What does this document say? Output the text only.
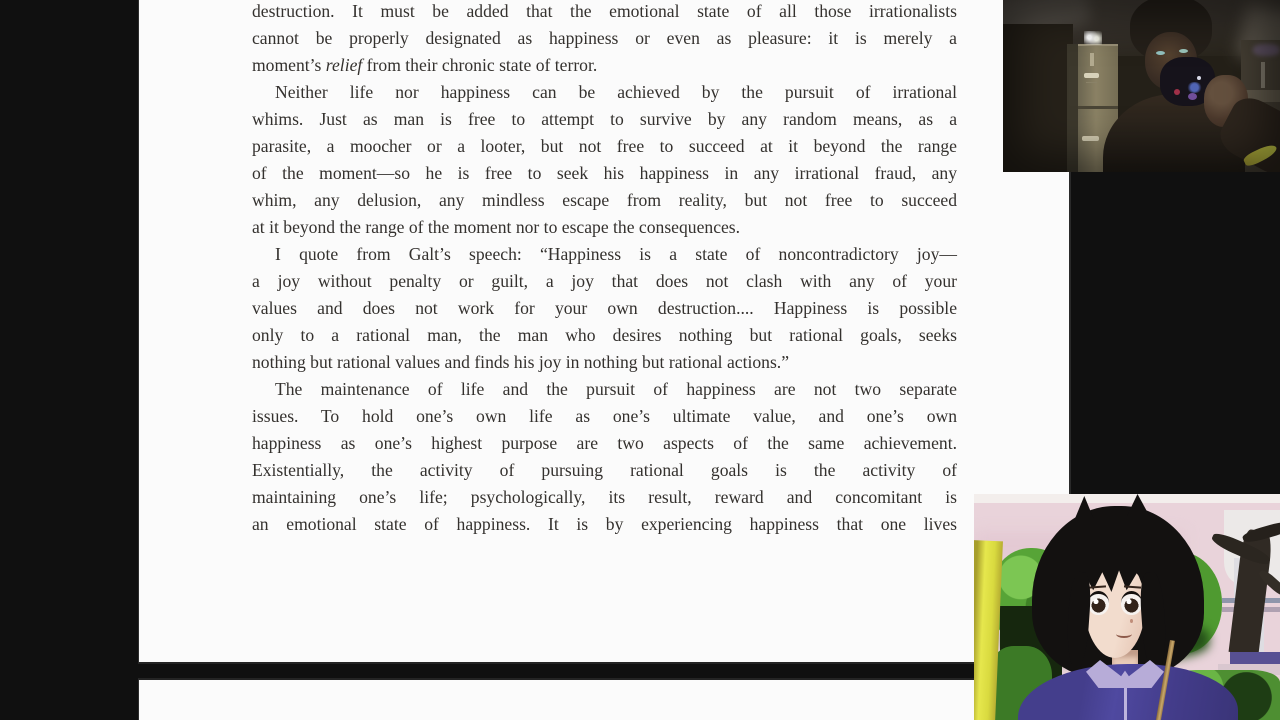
destruction. It must be added that the emotional state of all those irrationalists
cannot be properly designated as happiness or even as pleasure: it is merely a
moment’s relief from their chronic state of terror.
Neither life nor happiness can be achieved by the pursuit of irrational
whims. Just as man is free to attempt to survive by any random means, as a
parasite, a moocher or a looter, but not free to succeed at it beyond the range
of the moment—so he is free to seek his happiness in any irrational fraud, any
whim, any delusion, any mindless escape from reality, but not free to succeed
at it beyond the range of the moment nor to escape the consequences.
I quote from Galt’s speech: “Happiness is a state of noncontradictory joy—
a joy without penalty or guilt, a joy that does not clash with any of your
values and does not work for your own destruction.... Happiness is possible
only to a rational man, the man who desires nothing but rational goals, seeks
nothing but rational values and finds his joy in nothing but rational actions.”
The maintenance of life and the pursuit of happiness are not two separate
issues. To hold one’s own life as one’s ultimate value, and one’s own
happiness as one’s highest purpose are two aspects of the same achievement.
Existentially, the activity of pursuing rational goals is the activity of
maintaining one’s life; psychologically, its result, reward and concomitant is
an emotional state of happiness. It is by experiencing happiness that one lives
